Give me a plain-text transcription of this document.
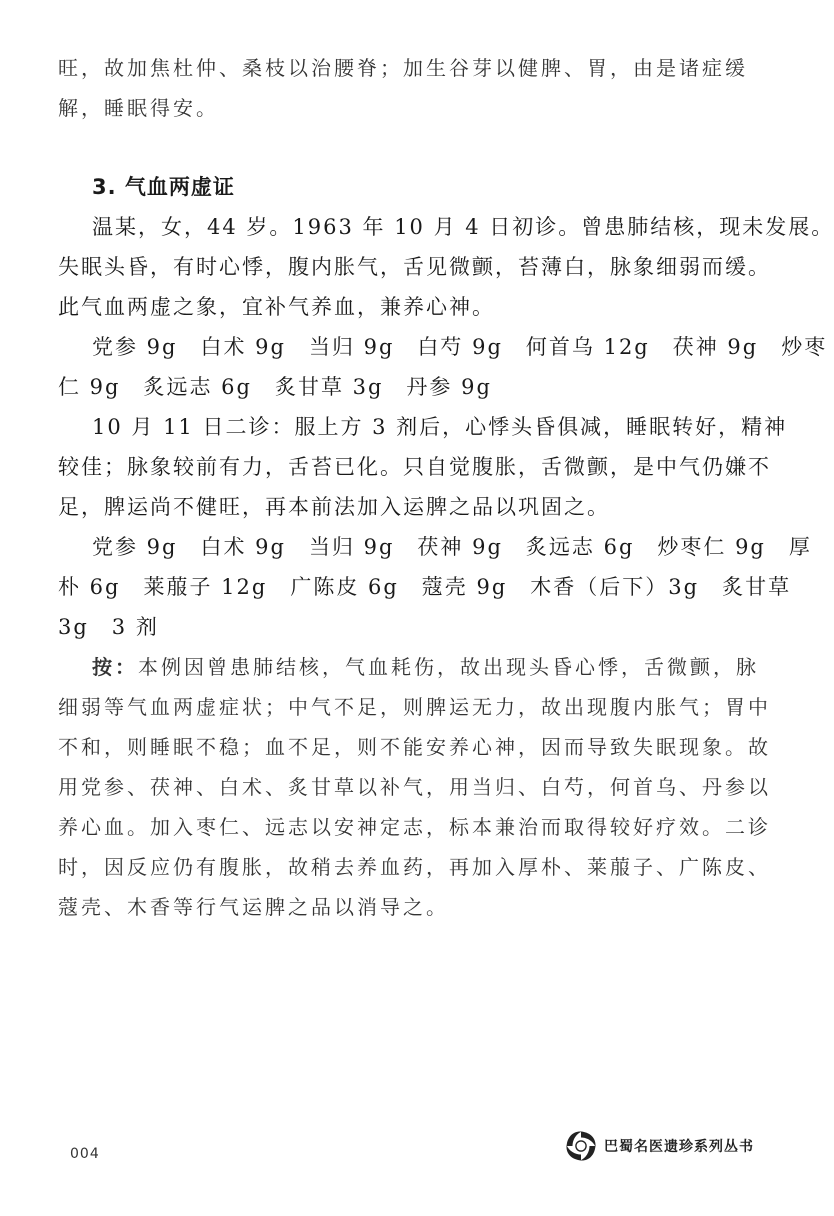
旺，故加焦杜仲、桑枝以治腰脊；加生谷芽以健脾、胃，由是诸症缓
解，睡眠得安。
3. 气血两虚证
温某，女，44 岁。1963 年 10 月 4 日初诊。曾患肺结核，现未发展。
失眠头昏，有时心悸，腹内胀气，舌见微颤，苔薄白，脉象细弱而缓。
此气血两虚之象，宜补气养血，兼养心神。
党参 9g　白术 9g　当归 9g　白芍 9g　何首乌 12g　茯神 9g　炒枣
仁 9g　炙远志 6g　炙甘草 3g　丹参 9g
10 月 11 日二诊：服上方 3 剂后，心悸头昏俱减，睡眠转好，精神
较佳；脉象较前有力，舌苔已化。只自觉腹胀，舌微颤，是中气仍嫌不
足，脾运尚不健旺，再本前法加入运脾之品以巩固之。
党参 9g　白术 9g　当归 9g　茯神 9g　炙远志 6g　炒枣仁 9g　厚
朴 6g　莱菔子 12g　广陈皮 6g　蔻壳 9g　木香（后下）3g　炙甘草
3g　3 剂
按：本例因曾患肺结核，气血耗伤，故出现头昏心悸，舌微颤，脉
细弱等气血两虚症状；中气不足，则脾运无力，故出现腹内胀气；胃中
不和，则睡眠不稳；血不足，则不能安养心神，因而导致失眠现象。故
用党参、茯神、白术、炙甘草以补气，用当归、白芍，何首乌、丹参以
养心血。加入枣仁、远志以安神定志，标本兼治而取得较好疗效。二诊
时，因反应仍有腹胀，故稍去养血药，再加入厚朴、莱菔子、广陈皮、
蔻壳、木香等行气运脾之品以消导之。
004	巴蜀名医遗珍系列丛书
